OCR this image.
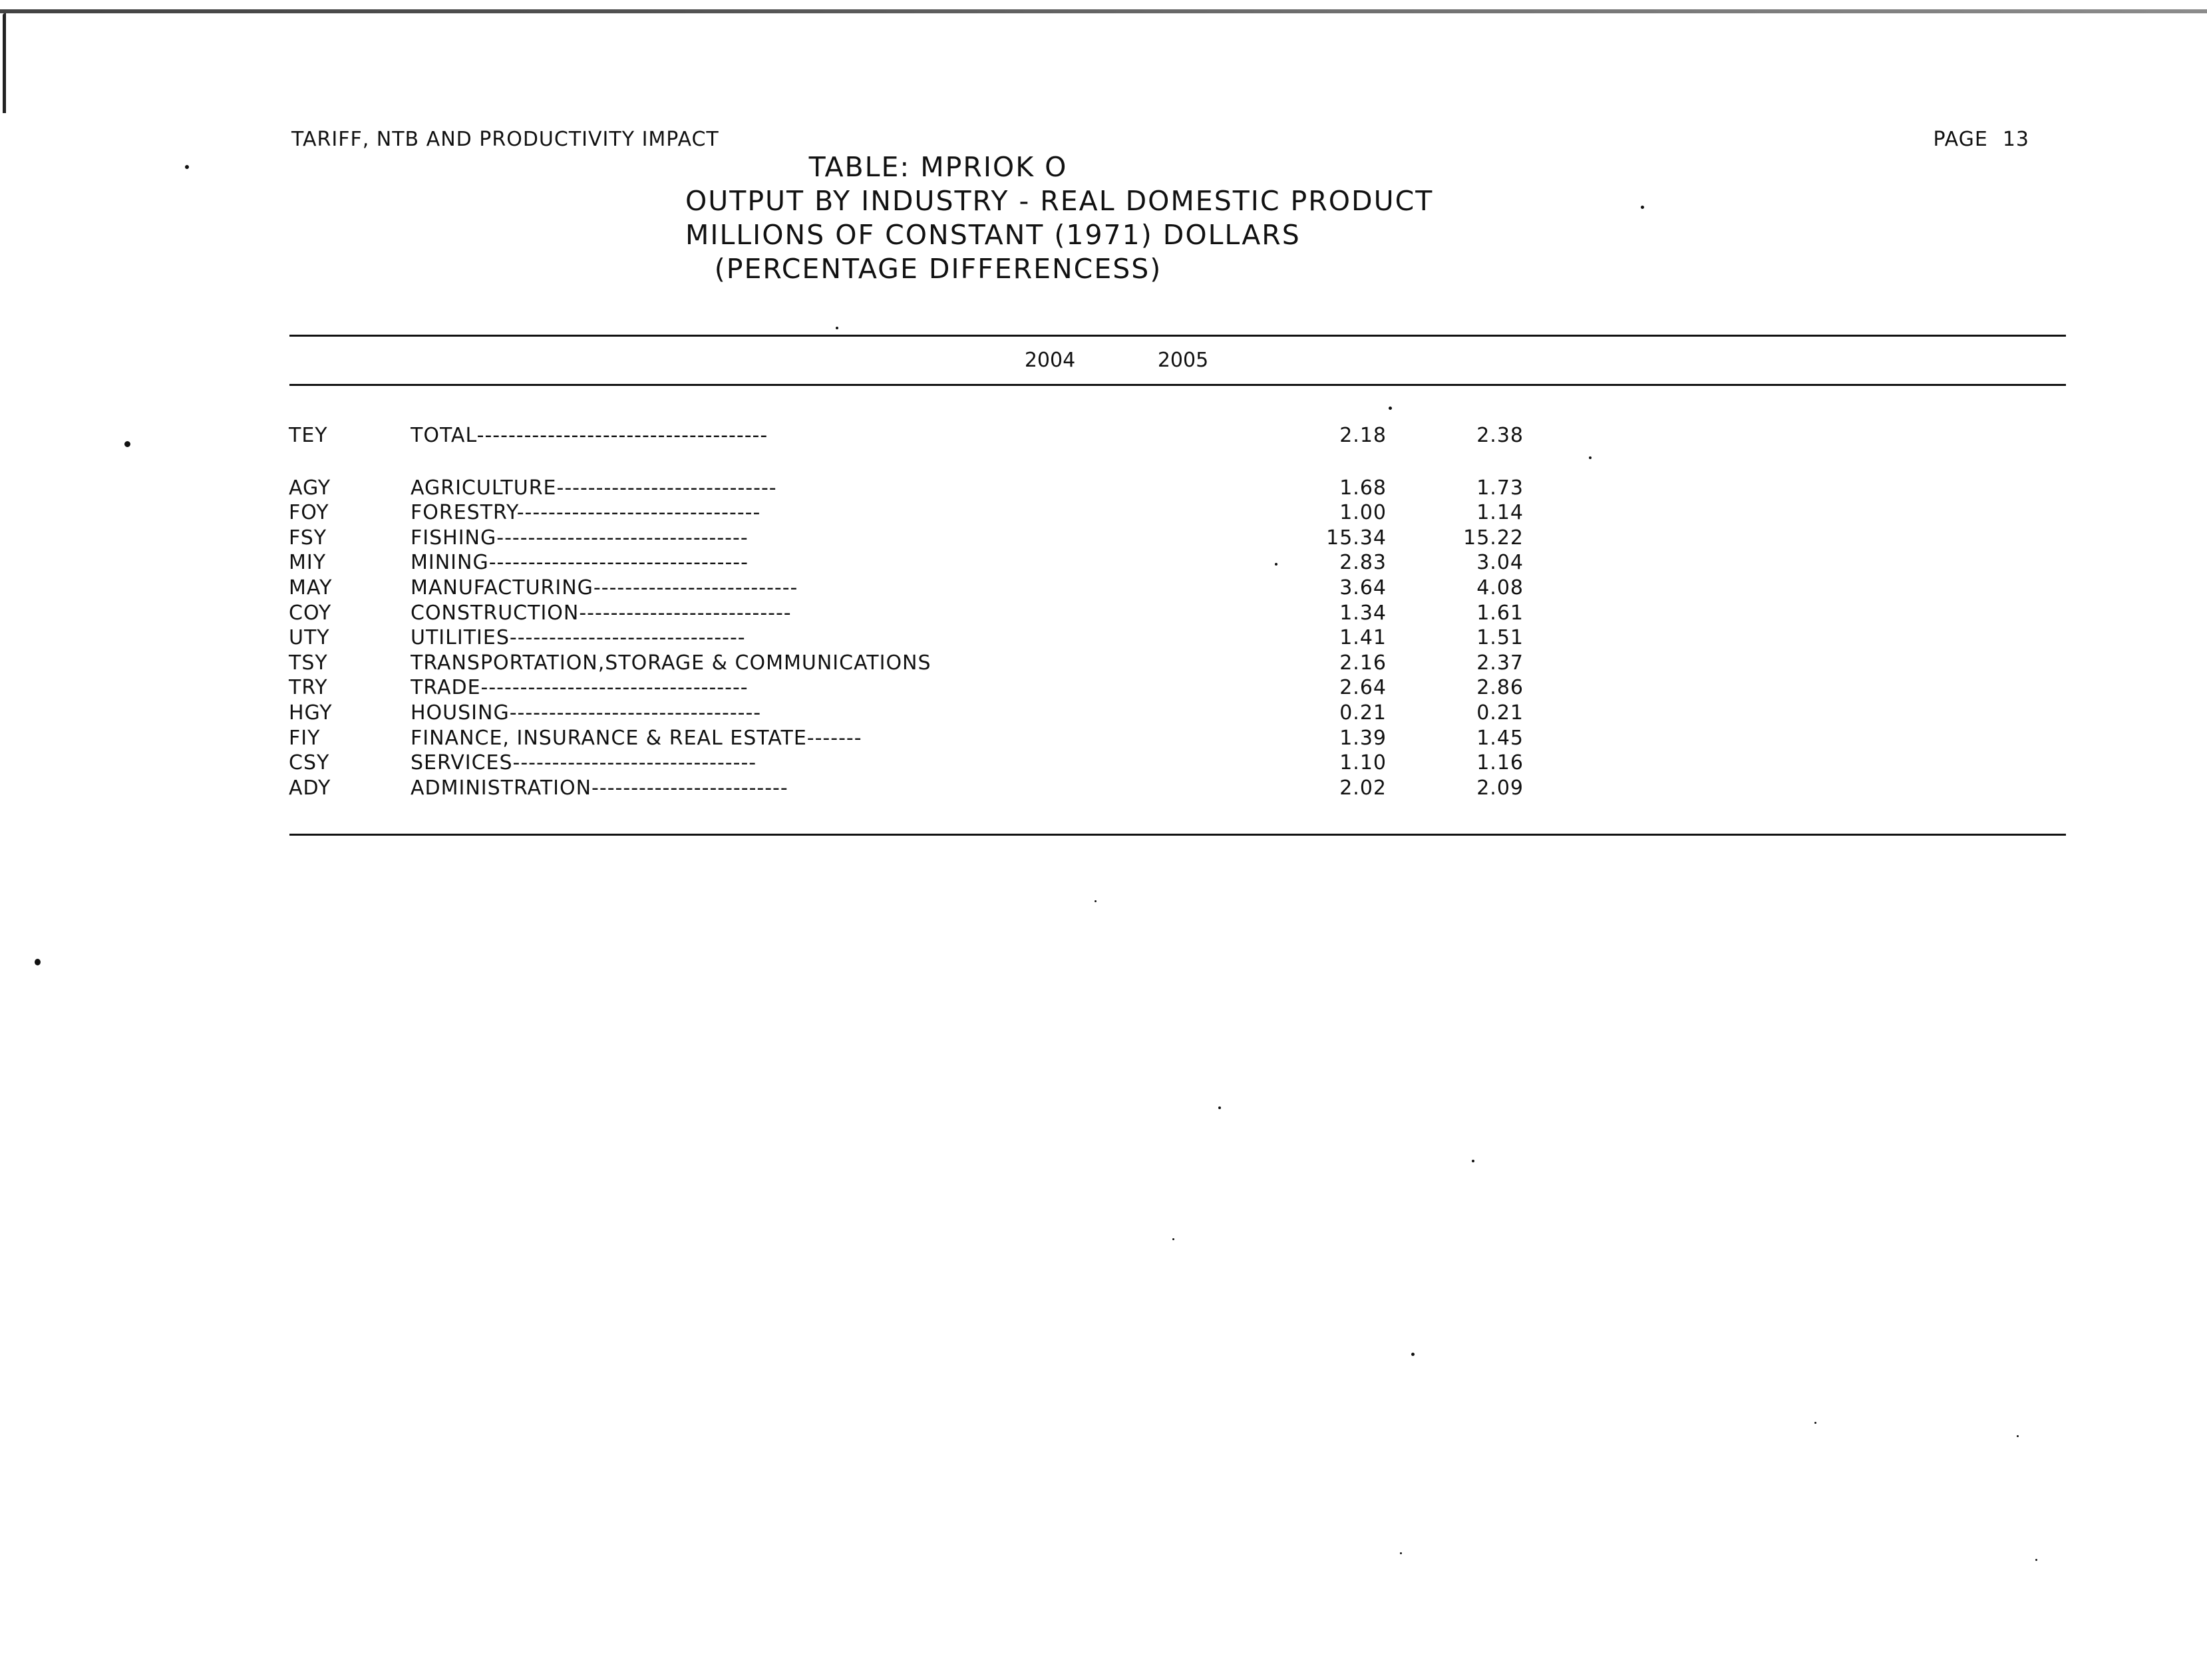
TARIFF, NTB AND PRODUCTIVITY IMPACT	PAGE 13
TABLE: MPRIOK O
OUTPUT BY INDUSTRY - REAL DOMESTIC PRODUCT
MILLIONS OF CONSTANT (1971) DOLLARS
(PERCENTAGE DIFFERENCESS)
2004	2005
TEY	TOTAL-------------------------------------	2.18	2.38
AGY	AGRICULTURE----------------------------	1.68	1.73
FOY	FORESTRY-------------------------------	1.00	1.14
FSY	FISHING--------------------------------	15.34	15.22
MIY	MINING---------------------------------	2.83	3.04
MAY	MANUFACTURING--------------------------	3.64	4.08
COY	CONSTRUCTION---------------------------	1.34	1.61
UTY	UTILITIES------------------------------	1.41	1.51
TSY	TRANSPORTATION,STORAGE & COMMUNICATIONS	2.16	2.37
TRY	TRADE----------------------------------	2.64	2.86
HGY	HOUSING--------------------------------	0.21	0.21
FIY	FINANCE, INSURANCE & REAL ESTATE-------	1.39	1.45
CSY	SERVICES-------------------------------	1.10	1.16
ADY	ADMINISTRATION-------------------------	2.02	2.09
